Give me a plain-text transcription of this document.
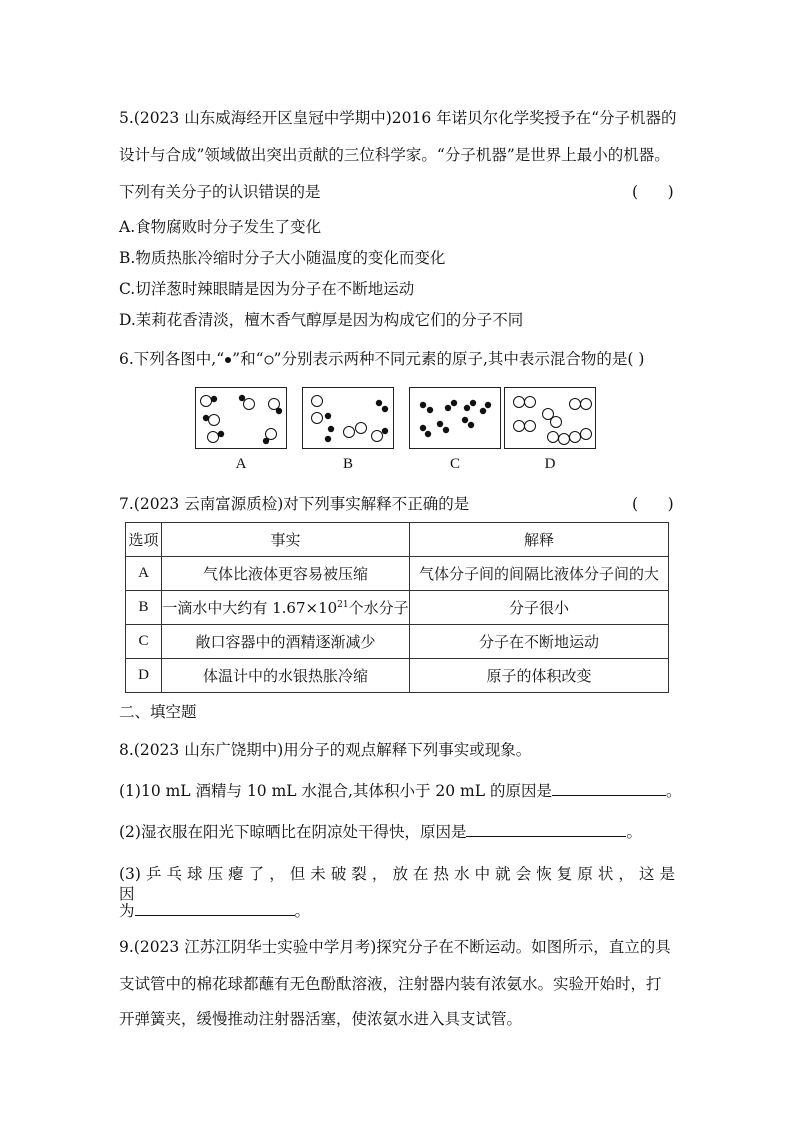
5.(2023 山东威海经开区皇冠中学期中)2016 年诺贝尔化学奖授予在“分子机器的
设计与合成”领域做出突出贡献的三位科学家。“分子机器”是世界上最小的机器。
下列有关分子的认识错误的是	(      )
A.食物腐败时分子发生了变化
B.物质热胀冷缩时分子大小随温度的变化而变化
C.切洋葱时辣眼睛是因为分子在不断地运动
D.茉莉花香清淡，檀木香气醇厚是因为构成它们的分子不同
6.下列各图中,“ ”和“ ”分别表示两种不同元素的原子,其中表示混合物的是( )
A	B	C	D
7.(2023 云南富源质检)对下列事实解释不正确的是	(      )
选项	事实	解释
A	气体比液体更容易被压缩	气体分子间的间隔比液体分子间的大
B	一滴水中大约有 $1.67\times 10^{21}$个水分子	分子很小
C	敞口容器中的酒精逐渐减少	分子在不断地运动
D	体温计中的水银热胀冷缩	原子的体积改变
二、填空题
8.(2023 山东广饶期中)用分子的观点解释下列事实或现象。
(1)10 mL 酒精与 10 mL 水混合,其体积小于 20 mL 的原因是	。
(2)湿衣服在阳光下晾晒比在阴凉处干得快，原因是	。
(3) 乒 乓 球 压 瘪 了 ， 但 未 破 裂 ， 放 在 热 水 中 就 会 恢 复 原 状 ， 这 是 因
为	。
9.(2023 江苏江阴华士实验中学月考)探究分子在不断运动。如图所示，直立的具
支试管中的棉花球都蘸有无色酚酞溶液，注射器内装有浓氨水。实验开始时，打
开弹簧夹，缓慢推动注射器活塞，使浓氨水进入具支试管。
